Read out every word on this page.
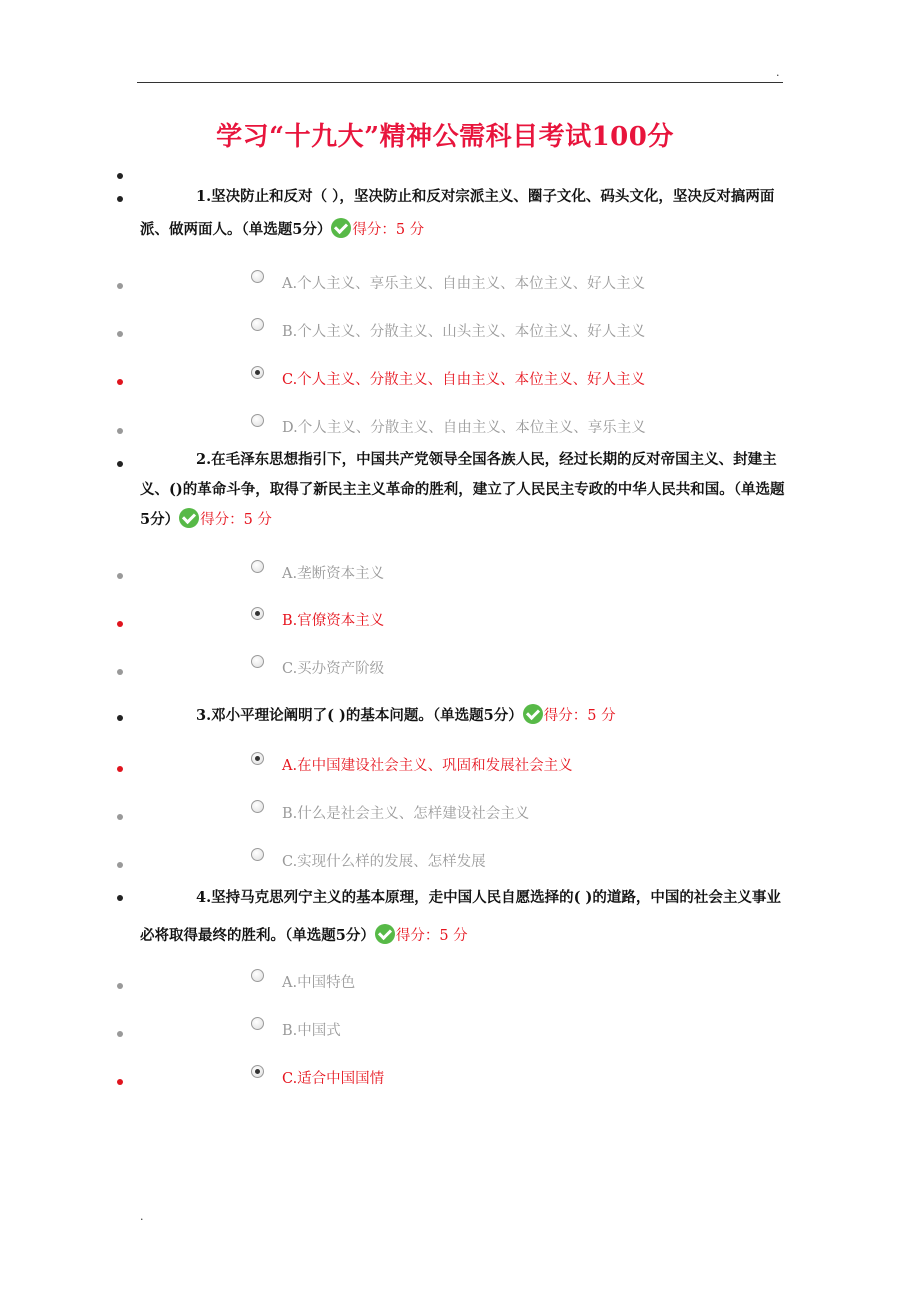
.
学习“十九大”精神公需科目考试100分
1.坚决防止和反对（ ），坚决防止和反对宗派主义、圈子文化、码头文化，坚决反对搞两面派、做两面人。（单选题5分） 得分：5 分
A.个人主义、享乐主义、自由主义、本位主义、好人主义
B.个人主义、分散主义、山头主义、本位主义、好人主义
C.个人主义、分散主义、自由主义、本位主义、好人主义
D.个人主义、分散主义、自由主义、本位主义、享乐主义
2.在毛泽东思想指引下，中国共产党领导全国各族人民，经过长期的反对帝国主义、封建主义、()的革命斗争，取得了新民主主义革命的胜利，建立了人民民主专政的中华人民共和国。（单选题5分） 得分：5 分
A.垄断资本主义
B.官僚资本主义
C.买办资产阶级
3.邓小平理论阐明了( )的基本问题。（单选题5分） 得分：5 分
A.在中国建设社会主义、巩固和发展社会主义
B.什么是社会主义、怎样建设社会主义
C.实现什么样的发展、怎样发展
4.坚持马克思列宁主义的基本原理，走中国人民自愿选择的( )的道路，中国的社会主义事业必将取得最终的胜利。（单选题5分） 得分：5 分
A.中国特色
B.中国式
C.适合中国国情
.
